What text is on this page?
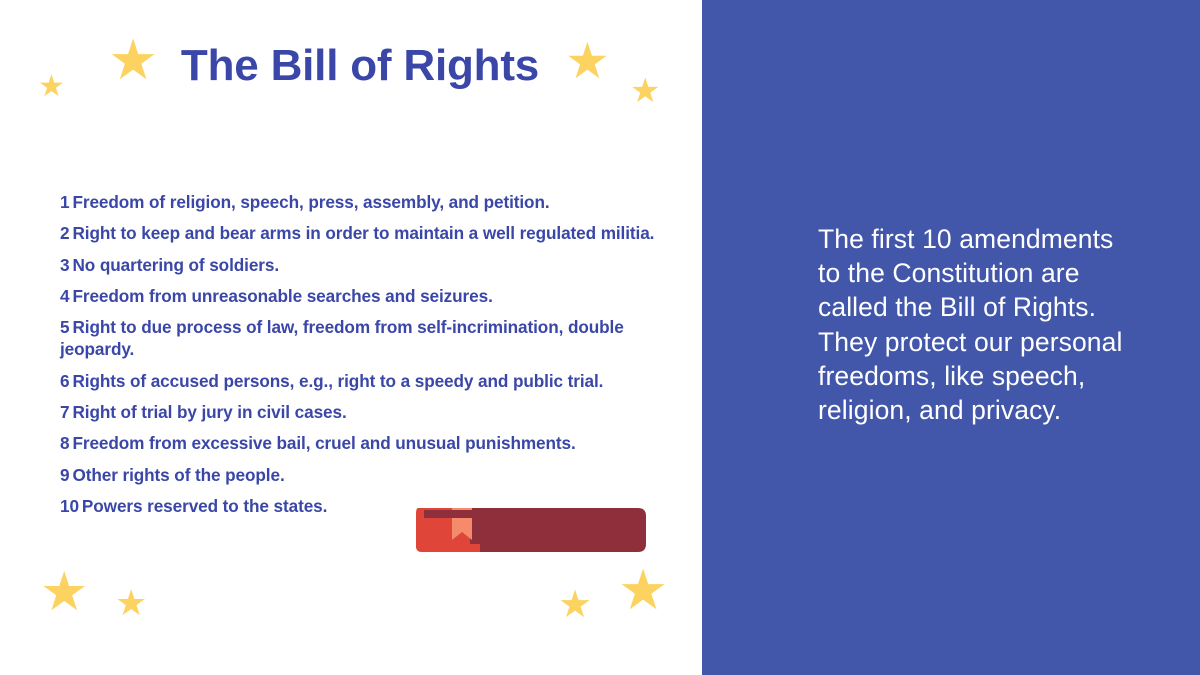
★ ★	★
★
★ ★	★ ★
The Bill of Rights
1 Freedom of religion, speech, press, assembly, and petition.
2 Right to keep and bear arms in order to maintain a well regulated militia.
3 No quartering of soldiers.
4 Freedom from unreasonable searches and seizures.
5 Right to due process of law, freedom from self-incrimination, double jeopardy.
6 Rights of accused persons, e.g., right to a speedy and public trial.
7 Right of trial by jury in civil cases.
8 Freedom from excessive bail, cruel and unusual punishments.
9 Other rights of the people.
10 Powers reserved to the states.
The first 10 amendments to the Constitution are called the Bill of Rights. They protect our personal freedoms, like speech, religion, and privacy.
